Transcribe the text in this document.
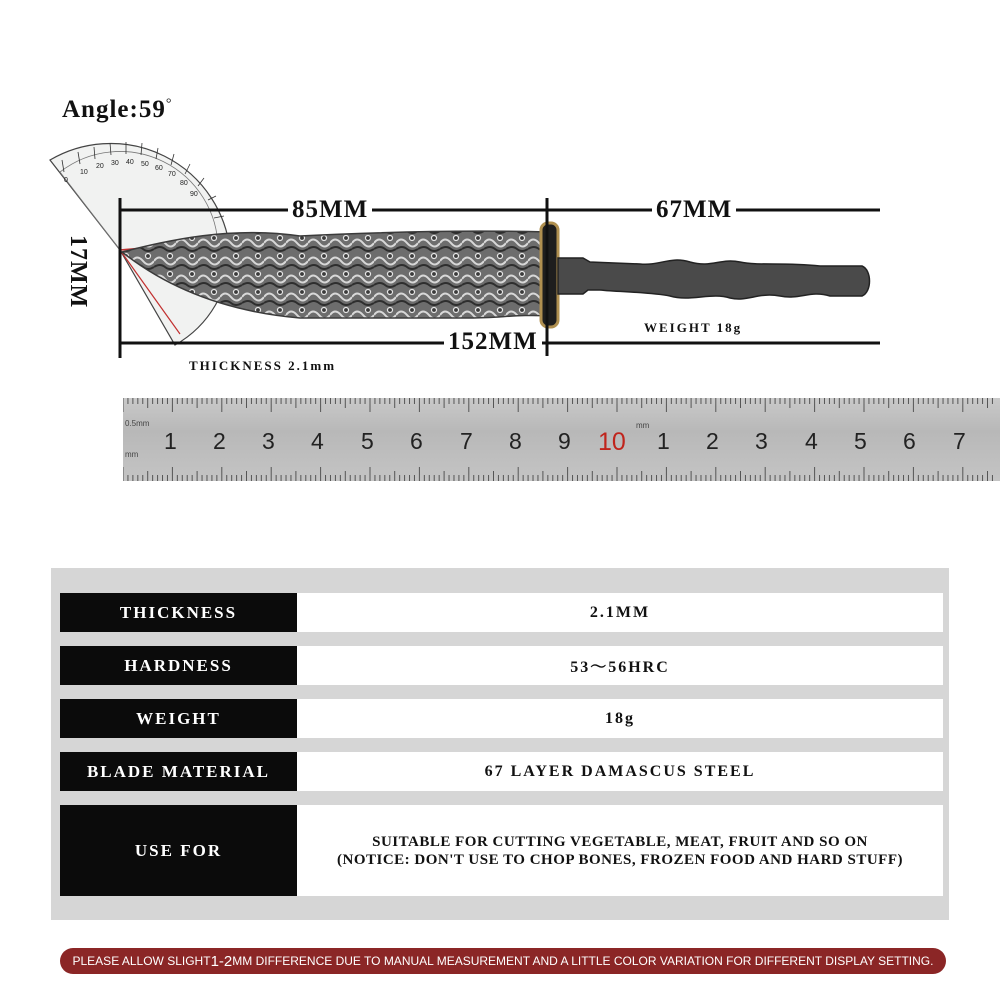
Angle:59°
0
10
20 30 40 50
60
70
80
90
85MM	67MM
152MM
17MM
THICKNESS 2.1mm
WEIGHT 18g
0.5mm
mm
mm
1 2 3 4 5 6 7 8 9 10 1 2 3 4 5 6 7
THICKNESS	2.1MM
HARDNESS	53～56HRC
WEIGHT	18g
BLADE MATERIAL	67 LAYER DAMASCUS STEEL
USE FOR	SUITABLE FOR CUTTING VEGETABLE, MEAT, FRUIT AND SO ON
(NOTICE: DON'T USE TO CHOP BONES, FROZEN FOOD AND HARD STUFF)
PLEASE ALLOW SLIGHT 1-2 MM DIFFERENCE DUE TO MANUAL MEASUREMENT AND A LITTLE COLOR VARIATION FOR DIFFERENT DISPLAY SETTING.
